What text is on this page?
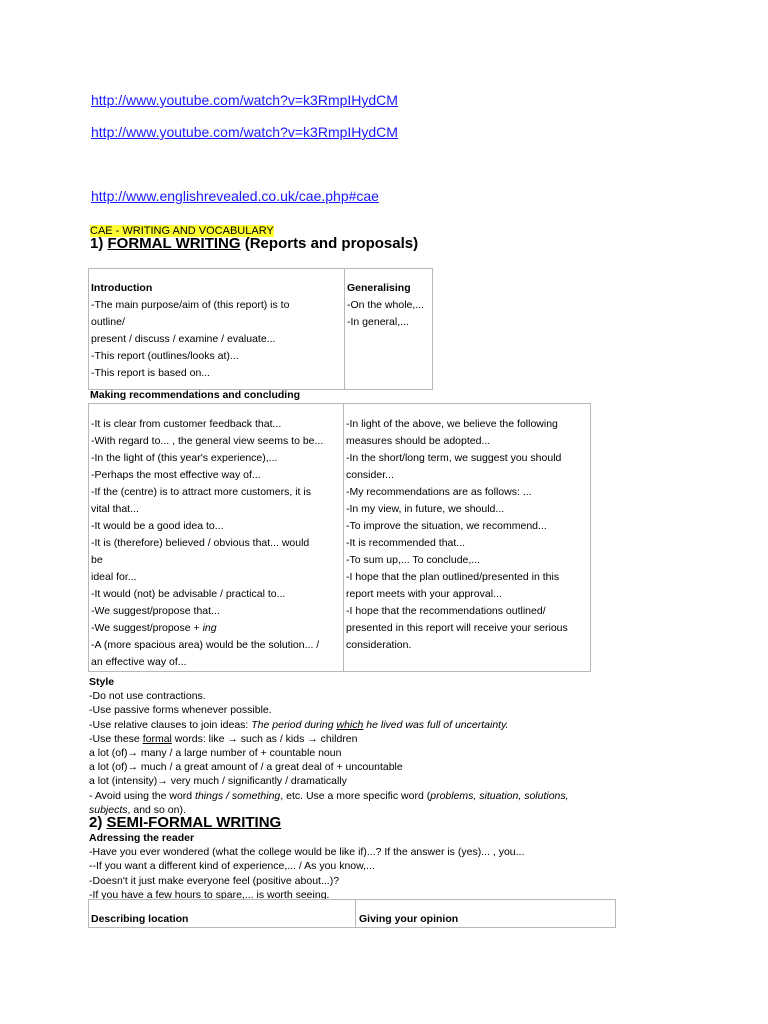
http://www.youtube.com/watch?v=k3RmpIHydCM
http://www.youtube.com/watch?v=k3RmpIHydCM
http://www.englishrevealed.co.uk/cae.php#cae
CAE - WRITING AND VOCABULARY
1) FORMAL WRITING (Reports and proposals)
Introduction
-The main purpose/aim of (this report) is to
outline/
present / discuss / examine / evaluate...
-This report (outlines/looks at)...
-This report is based on...
Generalising
-On the whole,...
-In general,...
Making recommendations and concluding
-It is clear from customer feedback that...
-With regard to... , the general view seems to be...
-In the light of (this year's experience),...
-Perhaps the most effective way of...
-If the (centre) is to attract more customers, it is
vital that...
-It would be a good idea to...
-It is (therefore) believed / obvious that... would
be
ideal for...
-It would (not) be advisable / practical to...
-We suggest/propose that...
-We suggest/propose + ing
-A (more spacious area) would be the solution... /
an effective way of...
-In light of the above, we believe the following
measures should be adopted...
-In the short/long term, we suggest you should
consider...
-My recommendations are as follows: ...
-In my view, in future, we should...
-To improve the situation, we recommend...
-It is recommended that...
-To sum up,... To conclude,...
-I hope that the plan outlined/presented in this
report meets with your approval...
-I hope that the recommendations outlined/
presented in this report will receive your serious
consideration.
Style
-Do not use contractions.
-Use passive forms whenever possible.
-Use relative clauses to join ideas: The period during which he lived was full of uncertainty.
-Use these formal words: like → such as / kids → children
a lot (of)→ many / a large number of + countable noun
a lot (of)→ much / a great amount of / a great deal of + uncountable
a lot (intensity)→ very much / significantly / dramatically
- Avoid using the word things / something, etc. Use a more specific word (problems, situation, solutions,
subjects, and so on).
2) SEMI-FORMAL WRITING
Adressing the reader
-Have you ever wondered (what the college would be like if)...? If the answer is (yes)... , you...
--If you want a different kind of experience,... / As you know,...
-Doesn't it just make everyone feel (positive about...)?
-If you have a few hours to spare,... is worth seeing.
Describing location	Giving your opinion
